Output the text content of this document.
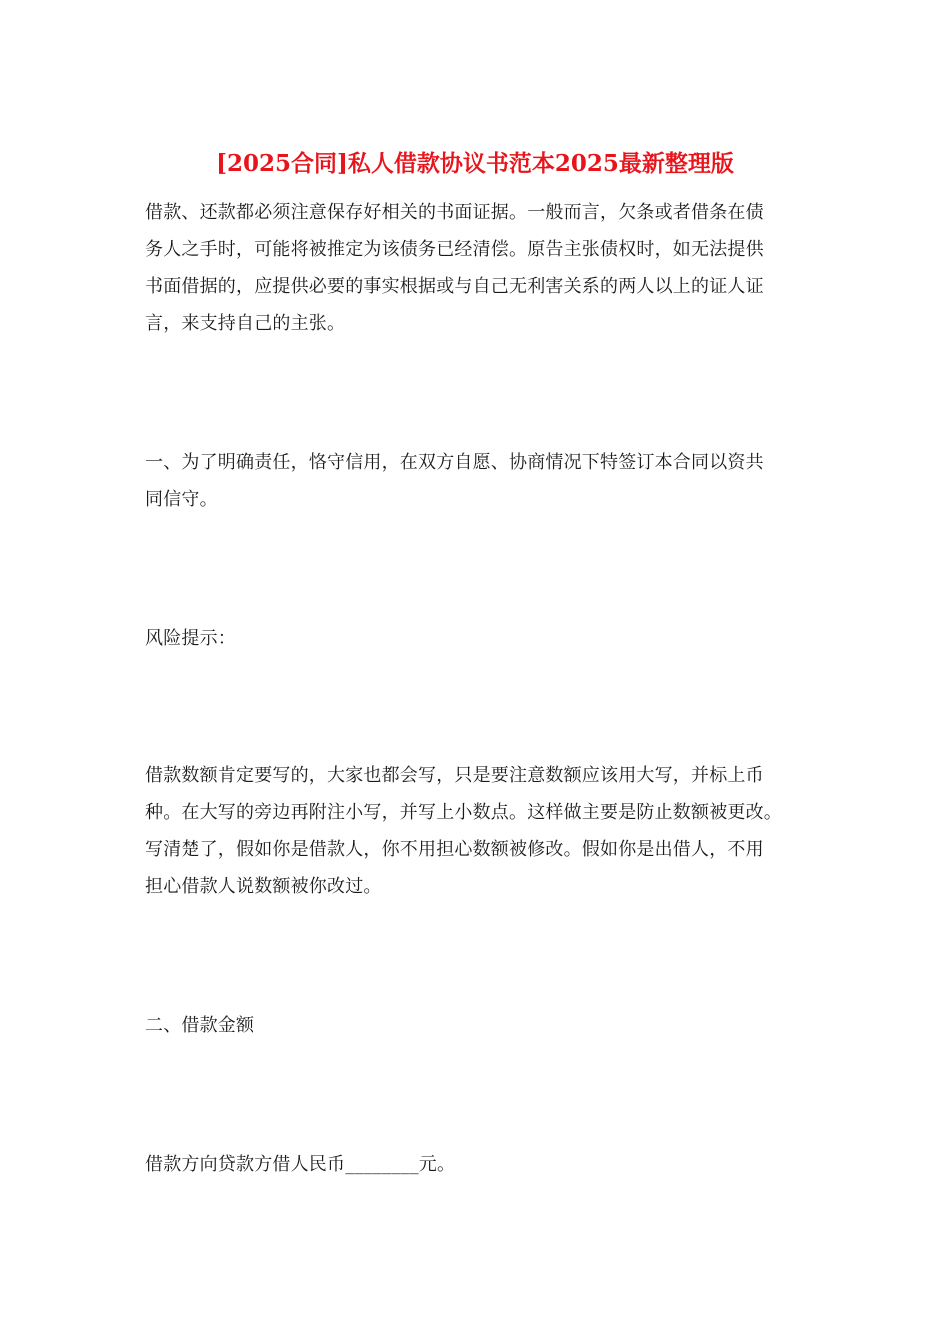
[2025合同]私人借款协议书范本2025最新整理版
借款、还款都必须注意保存好相关的书面证据。一般而言，欠条或者借条在债
务人之手时，可能将被推定为该债务已经清偿。原告主张债权时，如无法提供
书面借据的，应提供必要的事实根据或与自己无利害关系的两人以上的证人证
言，来支持自己的主张。
一、为了明确责任，恪守信用，在双方自愿、协商情况下特签订本合同以资共
同信守。
风险提示：
借款数额肯定要写的，大家也都会写，只是要注意数额应该用大写，并标上币
种。在大写的旁边再附注小写，并写上小数点。这样做主要是防止数额被更改。
写清楚了，假如你是借款人，你不用担心数额被修改。假如你是出借人，不用
担心借款人说数额被你改过。
二、借款金额
借款方向贷款方借人民币________元。
